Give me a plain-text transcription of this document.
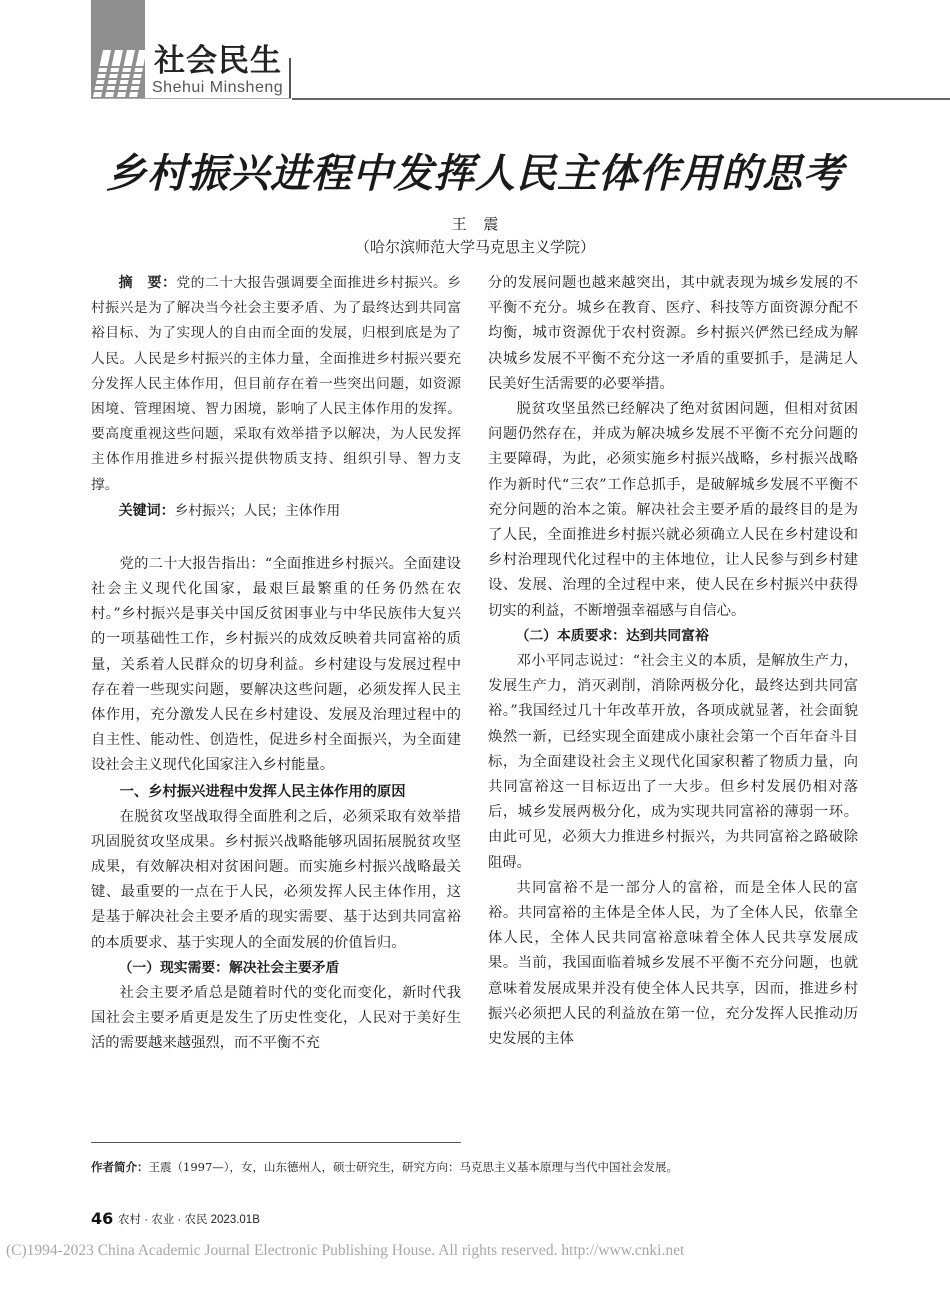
社会民生
Shehui Minsheng
乡村振兴进程中发挥人民主体作用的思考
王 震
（哈尔滨师范大学马克思主义学院）

摘　要：党的二十大报告强调要全面推进乡村振兴。乡村振兴是为了解决当今社会主要矛盾、为了最终达到共同富裕目标、为了实现人的自由而全面的发展，归根到底是为了人民。人民是乡村振兴的主体力量，全面推进乡村振兴要充分发挥人民主体作用，但目前存在着一些突出问题，如资源困境、管理困境、智力困境，影响了人民主体作用的发挥。要高度重视这些问题，采取有效举措予以解决，为人民发挥主体作用推进乡村振兴提供物质支持、组织引导、智力支撑。

关键词：乡村振兴；人民；主体作用

党的二十大报告指出：“全面推进乡村振兴。全面建设社会主义现代化国家，最艰巨最繁重的任务仍然在农村。”乡村振兴是事关中国反贫困事业与中华民族伟大复兴的一项基础性工作，乡村振兴的成效反映着共同富裕的质量，关系着人民群众的切身利益。乡村建设与发展过程中存在着一些现实问题，要解决这些问题，必须发挥人民主体作用，充分激发人民在乡村建设、发展及治理过程中的自主性、能动性、创造性，促进乡村全面振兴，为全面建设社会主义现代化国家注入乡村能量。

一、乡村振兴进程中发挥人民主体作用的原因

在脱贫攻坚战取得全面胜利之后，必须采取有效举措巩固脱贫攻坚成果。乡村振兴战略能够巩固拓展脱贫攻坚成果，有效解决相对贫困问题。而实施乡村振兴战略最关键、最重要的一点在于人民，必须发挥人民主体作用，这是基于解决社会主要矛盾的现实需要、基于达到共同富裕的本质要求、基于实现人的全面发展的价值旨归。

（一）现实需要：解决社会主要矛盾

社会主要矛盾总是随着时代的变化而变化，新时代我国社会主要矛盾更是发生了历史性变化，人民对于美好生活的需要越来越强烈，而不平衡不充

分的发展问题也越来越突出，其中就表现为城乡发展的不平衡不充分。城乡在教育、医疗、科技等方面资源分配不均衡，城市资源优于农村资源。乡村振兴俨然已经成为解决城乡发展不平衡不充分这一矛盾的重要抓手，是满足人民美好生活需要的必要举措。

脱贫攻坚虽然已经解决了绝对贫困问题，但相对贫困问题仍然存在，并成为解决城乡发展不平衡不充分问题的主要障碍，为此，必须实施乡村振兴战略，乡村振兴战略作为新时代“三农”工作总抓手，是破解城乡发展不平衡不充分问题的治本之策。解决社会主要矛盾的最终目的是为了人民，全面推进乡村振兴就必须确立人民在乡村建设和乡村治理现代化过程中的主体地位，让人民参与到乡村建设、发展、治理的全过程中来，使人民在乡村振兴中获得切实的利益，不断增强幸福感与自信心。

（二）本质要求：达到共同富裕

邓小平同志说过：“社会主义的本质，是解放生产力，发展生产力，消灭剥削，消除两极分化，最终达到共同富裕。”我国经过几十年改革开放，各项成就显著，社会面貌焕然一新，已经实现全面建成小康社会第一个百年奋斗目标，为全面建设社会主义现代化国家积蓄了物质力量，向共同富裕这一目标迈出了一大步。但乡村发展仍相对落后，城乡发展两极分化，成为实现共同富裕的薄弱一环。由此可见，必须大力推进乡村振兴，为共同富裕之路破除阻碍。

共同富裕不是一部分人的富裕，而是全体人民的富裕。共同富裕的主体是全体人民，为了全体人民，依靠全体人民，全体人民共同富裕意味着全体人民共享发展成果。当前，我国面临着城乡发展不平衡不充分问题，也就意味着发展成果并没有使全体人民共享，因而，推进乡村振兴必须把人民的利益放在第一位，充分发挥人民推动历史发展的主体

作者简介：王震（1997—），女，山东德州人，硕士研究生，研究方向：马克思主义基本原理与当代中国社会发展。
46 农村 · 农业 · 农民 2023.01B
(C)1994-2023 China Academic Journal Electronic Publishing House. All rights reserved. http://www.cnki.net
